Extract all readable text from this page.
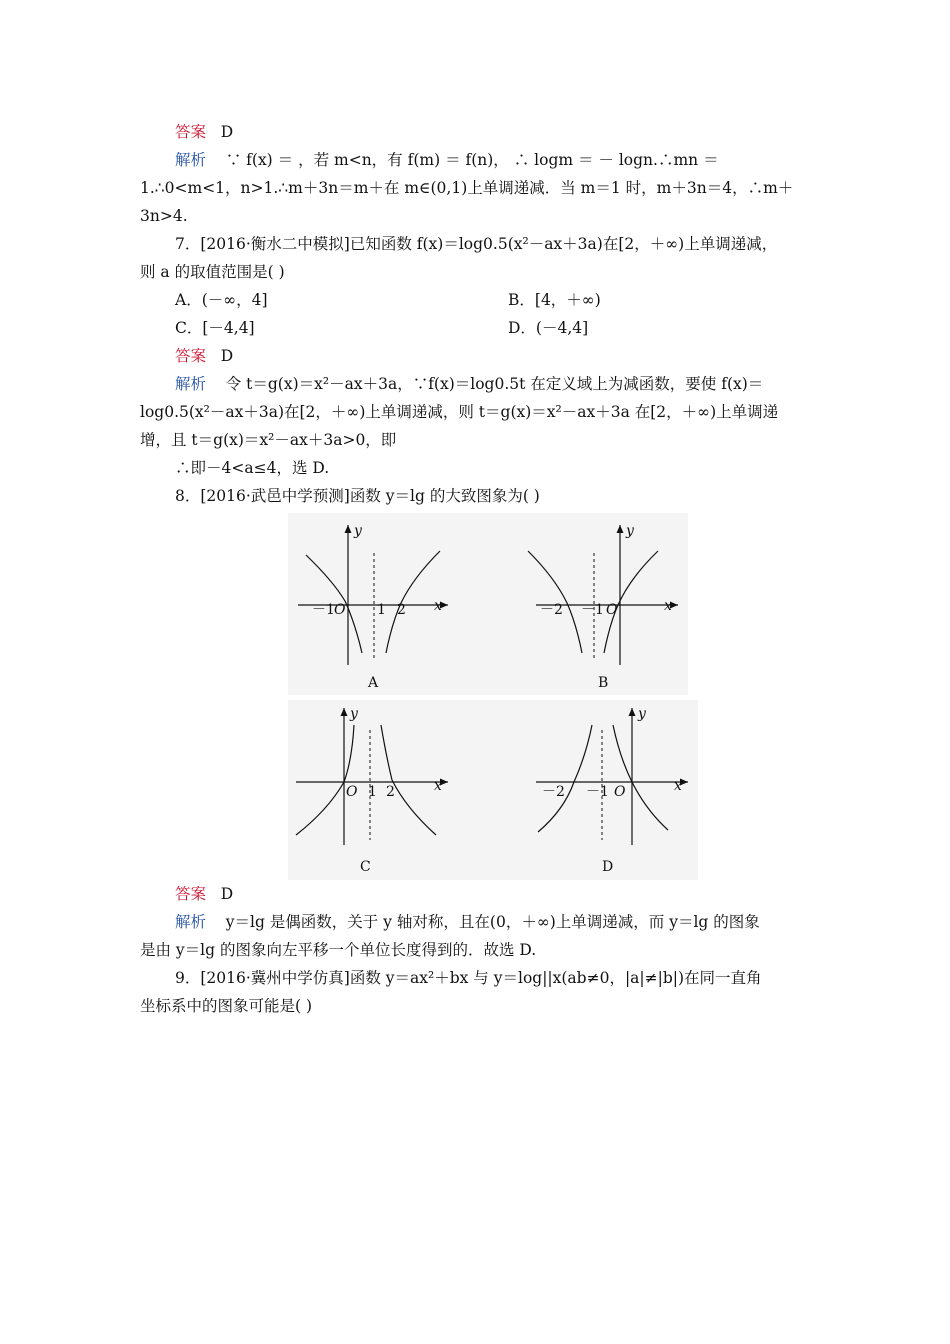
答案 D
解析 ∵ f(x) ＝ ，若 m<n，有 f(m) ＝ f(n)， ∴ logm ＝ － logn.∴mn ＝
1.∴0<m<1，n>1.∴m＋3n＝m＋在 m∈(0,1)上单调递减．当 m＝1 时，m＋3n＝4，∴m＋
3n>4.
7．[2016·衡水二中模拟]已知函数 f(x)＝log0.5(x²－ax＋3a)在[2，＋∞)上单调递减，
则 a 的取值范围是( )
A．(－∞，4]	B．[4，＋∞)
C．[－4,4]	D．(－4,4]
答案 D
解析 令 t＝g(x)＝x²－ax＋3a，∵f(x)＝log0.5t 在定义域上为减函数，要使 f(x)＝
log0.5(x²－ax＋3a)在[2，＋∞)上单调递减，则 t＝g(x)＝x²－ax＋3a 在[2，＋∞)上单调递
增，且 t＝g(x)＝x²－ax＋3a>0，即
∴即－4<a≤4，选 D.
8．[2016·武邑中学预测]函数 y＝lg 的大致图象为( )
－1 O 1 2 x
y
A
－2 －1 O	x
y
B
O 1 2	x
y
C
－2 －1 O	x
y
D
答案 D
解析 y＝lg 是偶函数，关于 y 轴对称，且在(0，＋∞)上单调递减，而 y＝lg 的图象
是由 y＝lg 的图象向左平移一个单位长度得到的．故选 D.
9．[2016·冀州中学仿真]函数 y＝ax²＋bx 与 y＝log||x(ab≠0，|a|≠|b|)在同一直角
坐标系中的图象可能是( )
